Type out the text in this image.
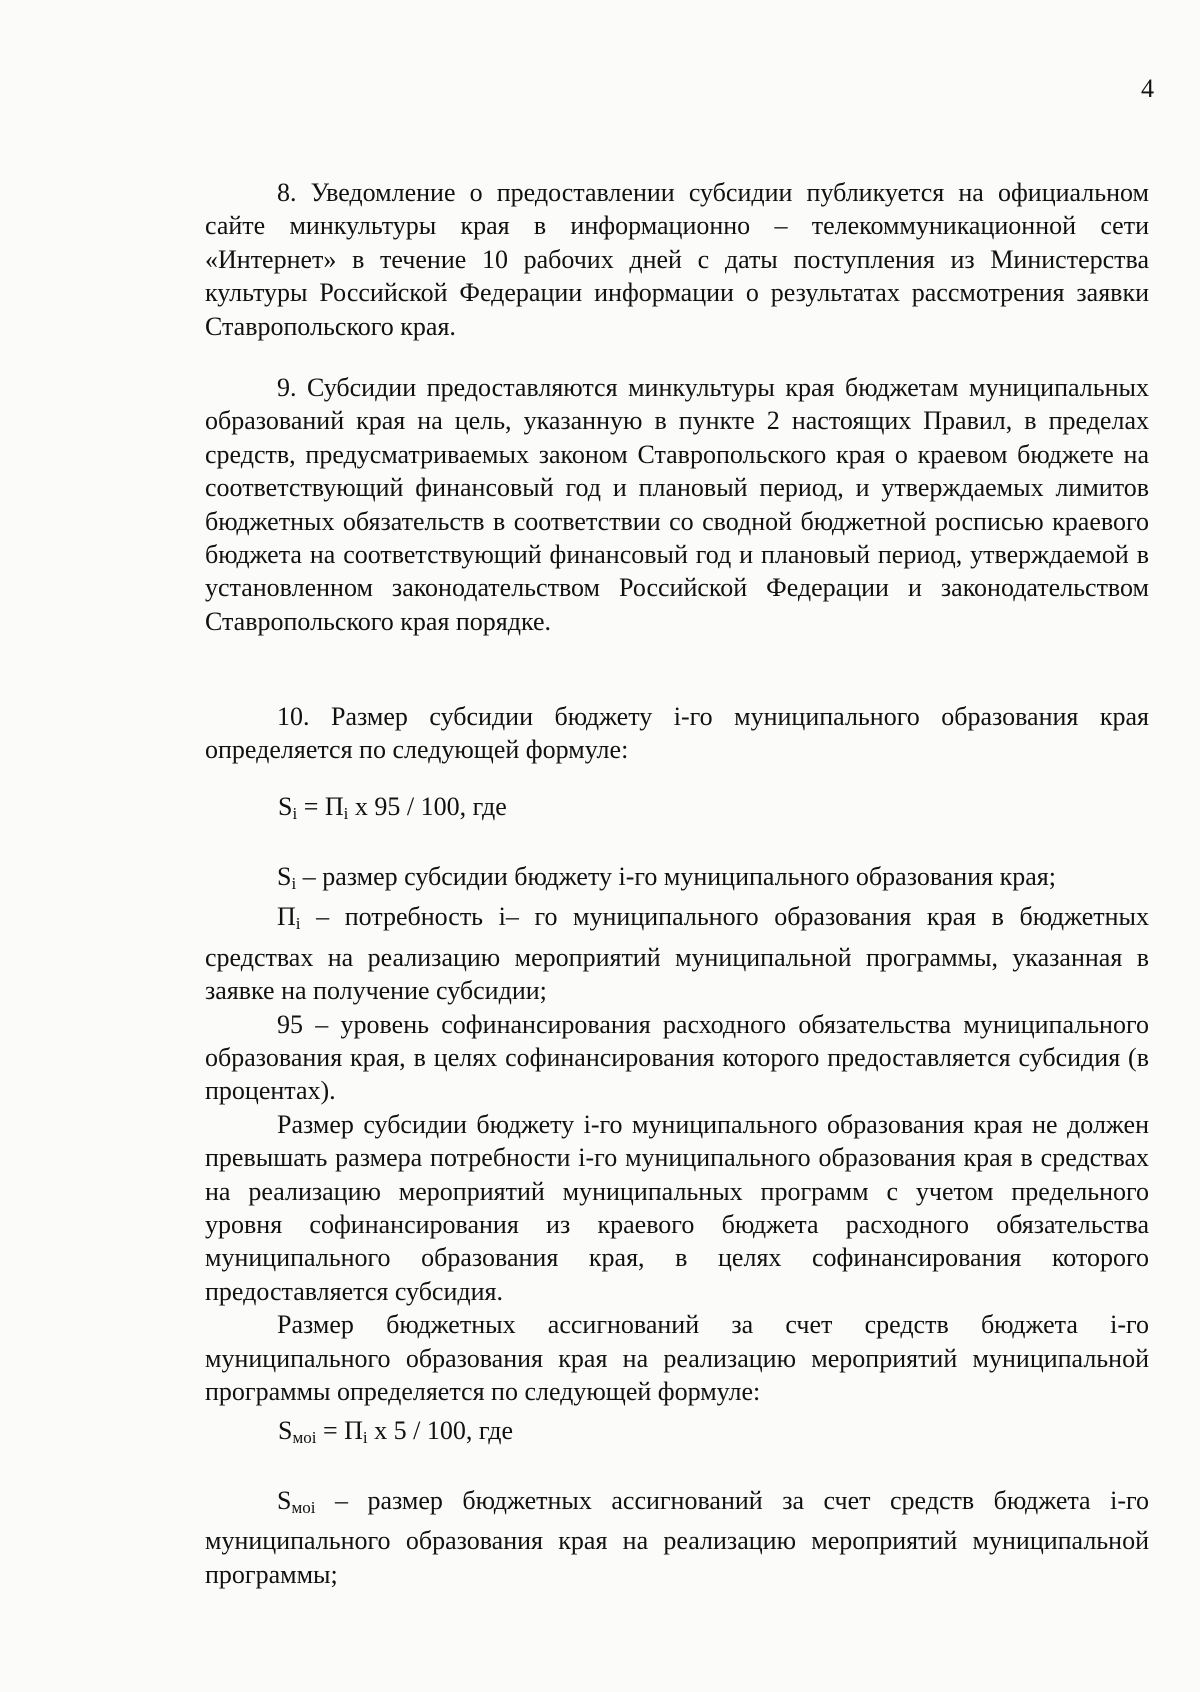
4

8. Уведомление о предоставлении субсидии публикуется на официальном сайте минкультуры края в информационно – телекоммуникационной сети «Интернет» в течение 10 рабочих дней с даты поступления из Министерства культуры Российской Федерации информации о результатах рассмотрения заявки Ставропольского края.

9. Субсидии предоставляются минкультуры края бюджетам муниципальных образований края на цель, указанную в пункте 2 настоящих Правил, в пределах средств, предусматриваемых законом Ставропольского края о краевом бюджете на соответствующий финансовый год и плановый период, и утверждаемых лимитов бюджетных обязательств в соответствии со сводной бюджетной росписью краевого бюджета на соответствующий финансовый год и плановый период, утверждаемой в установленном законодательством Российской Федерации и законодательством Ставропольского края порядке.

10. Размер субсидии бюджету i-го муниципального образования края определяется по следующей формуле:

$S_i = П_i$ х 95 / 100, где

$S_i$ – размер субсидии бюджету i-го муниципального образования края;

$П_i$ – потребность i– го муниципального образования края в бюджетных средствах на реализацию мероприятий муниципальной программы, указанная в заявке на получение субсидии;

95 – уровень софинансирования расходного обязательства муниципального образования края, в целях софинансирования которого предоставляется субсидия (в процентах).

Размер субсидии бюджету i-го муниципального образования края не должен превышать размера потребности i-го муниципального образования края в средствах на реализацию мероприятий муниципальных программ с учетом предельного уровня софинансирования из краевого бюджета расходного обязательства муниципального образования края, в целях софинансирования которого предоставляется субсидия.

Размер бюджетных ассигнований за счет средств бюджета i-го муниципального образования края на реализацию мероприятий муниципальной программы определяется по следующей формуле:

$S_{мoi} = П_i$ х 5 / 100, где

$S_{мoi}$ – размер бюджетных ассигнований за счет средств бюджета i-го муниципального образования края на реализацию мероприятий муниципальной программы;
